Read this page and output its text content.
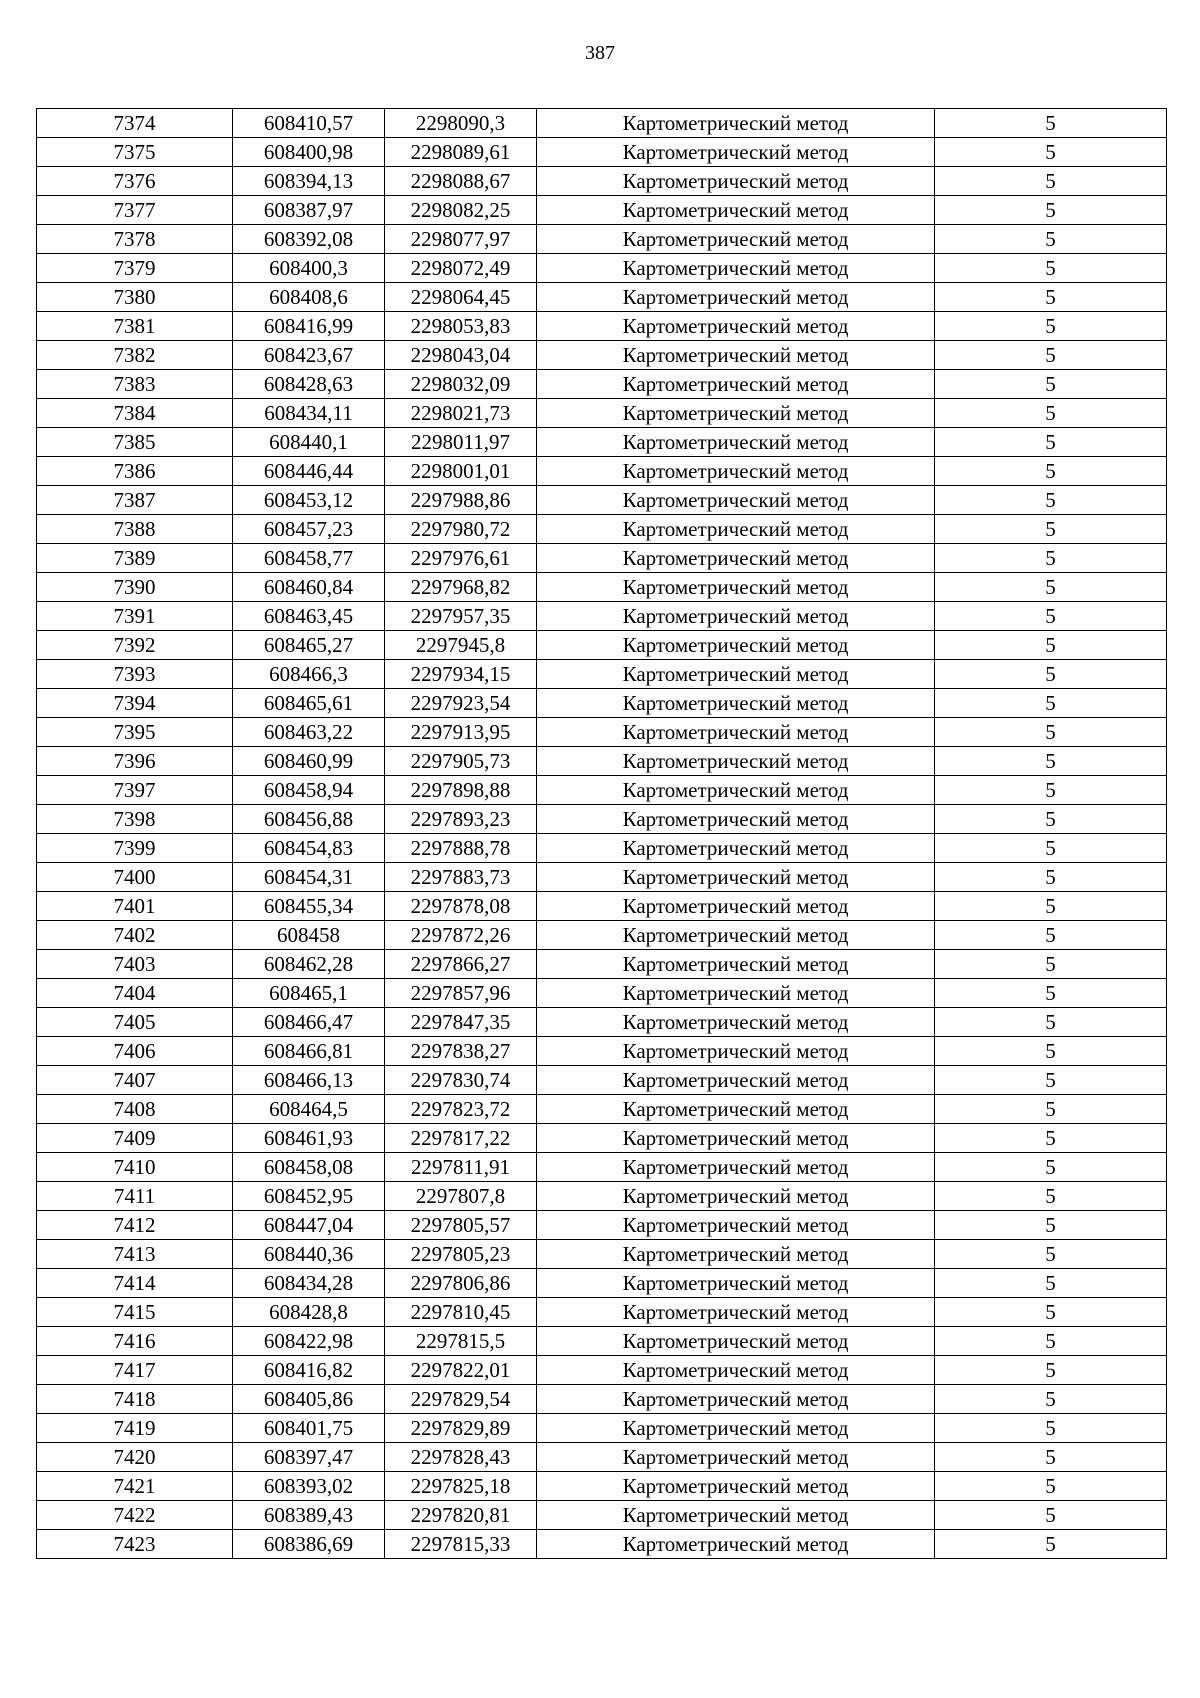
387
7374	608410,57	2298090,3	Картометрический метод	5
7375	608400,98	2298089,61	Картометрический метод	5
7376	608394,13	2298088,67	Картометрический метод	5
7377	608387,97	2298082,25	Картометрический метод	5
7378	608392,08	2298077,97	Картометрический метод	5
7379	608400,3	2298072,49	Картометрический метод	5
7380	608408,6	2298064,45	Картометрический метод	5
7381	608416,99	2298053,83	Картометрический метод	5
7382	608423,67	2298043,04	Картометрический метод	5
7383	608428,63	2298032,09	Картометрический метод	5
7384	608434,11	2298021,73	Картометрический метод	5
7385	608440,1	2298011,97	Картометрический метод	5
7386	608446,44	2298001,01	Картометрический метод	5
7387	608453,12	2297988,86	Картометрический метод	5
7388	608457,23	2297980,72	Картометрический метод	5
7389	608458,77	2297976,61	Картометрический метод	5
7390	608460,84	2297968,82	Картометрический метод	5
7391	608463,45	2297957,35	Картометрический метод	5
7392	608465,27	2297945,8	Картометрический метод	5
7393	608466,3	2297934,15	Картометрический метод	5
7394	608465,61	2297923,54	Картометрический метод	5
7395	608463,22	2297913,95	Картометрический метод	5
7396	608460,99	2297905,73	Картометрический метод	5
7397	608458,94	2297898,88	Картометрический метод	5
7398	608456,88	2297893,23	Картометрический метод	5
7399	608454,83	2297888,78	Картометрический метод	5
7400	608454,31	2297883,73	Картометрический метод	5
7401	608455,34	2297878,08	Картометрический метод	5
7402	608458	2297872,26	Картометрический метод	5
7403	608462,28	2297866,27	Картометрический метод	5
7404	608465,1	2297857,96	Картометрический метод	5
7405	608466,47	2297847,35	Картометрический метод	5
7406	608466,81	2297838,27	Картометрический метод	5
7407	608466,13	2297830,74	Картометрический метод	5
7408	608464,5	2297823,72	Картометрический метод	5
7409	608461,93	2297817,22	Картометрический метод	5
7410	608458,08	2297811,91	Картометрический метод	5
7411	608452,95	2297807,8	Картометрический метод	5
7412	608447,04	2297805,57	Картометрический метод	5
7413	608440,36	2297805,23	Картометрический метод	5
7414	608434,28	2297806,86	Картометрический метод	5
7415	608428,8	2297810,45	Картометрический метод	5
7416	608422,98	2297815,5	Картометрический метод	5
7417	608416,82	2297822,01	Картометрический метод	5
7418	608405,86	2297829,54	Картометрический метод	5
7419	608401,75	2297829,89	Картометрический метод	5
7420	608397,47	2297828,43	Картометрический метод	5
7421	608393,02	2297825,18	Картометрический метод	5
7422	608389,43	2297820,81	Картометрический метод	5
7423	608386,69	2297815,33	Картометрический метод	5
